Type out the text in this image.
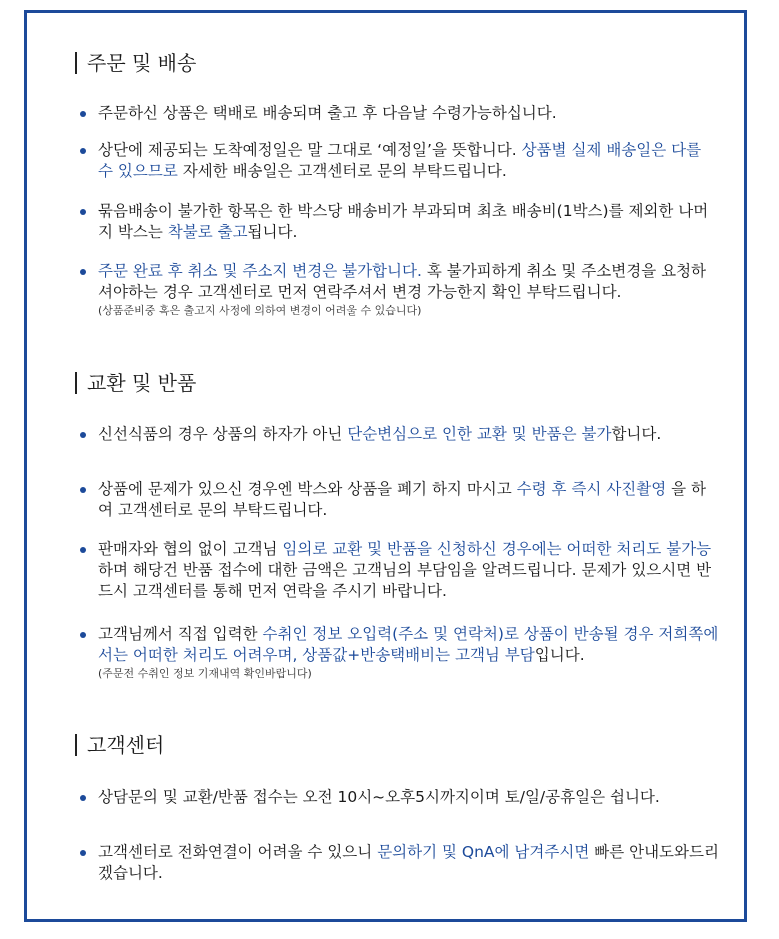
주문 및 배송
주문하신 상품은 택배로 배송되며 출고 후 다음날 수령가능하십니다.
상단에 제공되는 도착예정일은 말 그대로 ‘예정일’을 뜻합니다. 상품별 실제 배송일은 다를 수 있으므로 자세한 배송일은 고객센터로 문의 부탁드립니다.
묶음배송이 불가한 항목은 한 박스당 배송비가 부과되며 최초 배송비(1박스)를 제외한 나머지 박스는 착불로 출고됩니다.
주문 완료 후 취소 및 주소지 변경은 불가합니다. 혹 불가피하게 취소 및 주소변경을 요청하셔야하는 경우 고객센터로 먼저 연락주셔서 변경 가능한지 확인 부탁드립니다.
(상품준비중 혹은 출고지 사정에 의하여 변경이 어려울 수 있습니다)
교환 및 반품
신선식품의 경우 상품의 하자가 아닌 단순변심으로 인한 교환 및 반품은 불가합니다.
상품에 문제가 있으신 경우엔 박스와 상품을 폐기 하지 마시고 수령 후 즉시 사진촬영 을 하여 고객센터로 문의 부탁드립니다.
판매자와 협의 없이 고객님 임의로 교환 및 반품을 신청하신 경우에는 어떠한 처리도 불가능하며 해당건 반품 접수에 대한 금액은 고객님의 부담임을 알려드립니다. 문제가 있으시면 반드시 고객센터를 통해 먼저 연락을 주시기 바랍니다.
고객님께서 직접 입력한 수취인 정보 오입력(주소 및 연락처)로 상품이 반송될 경우 저희쪽에서는 어떠한 처리도 어려우며, 상품값+반송택배비는 고객님 부담입니다.
(주문전 수취인 정보 기재내역 확인바랍니다)
고객센터
상담문의 및 교환/반품 접수는 오전 10시~오후5시까지이며 토/일/공휴일은 쉽니다.
고객센터로 전화연결이 어려울 수 있으니 문의하기 및 QnA에 남겨주시면 빠른 안내도와드리겠습니다.
